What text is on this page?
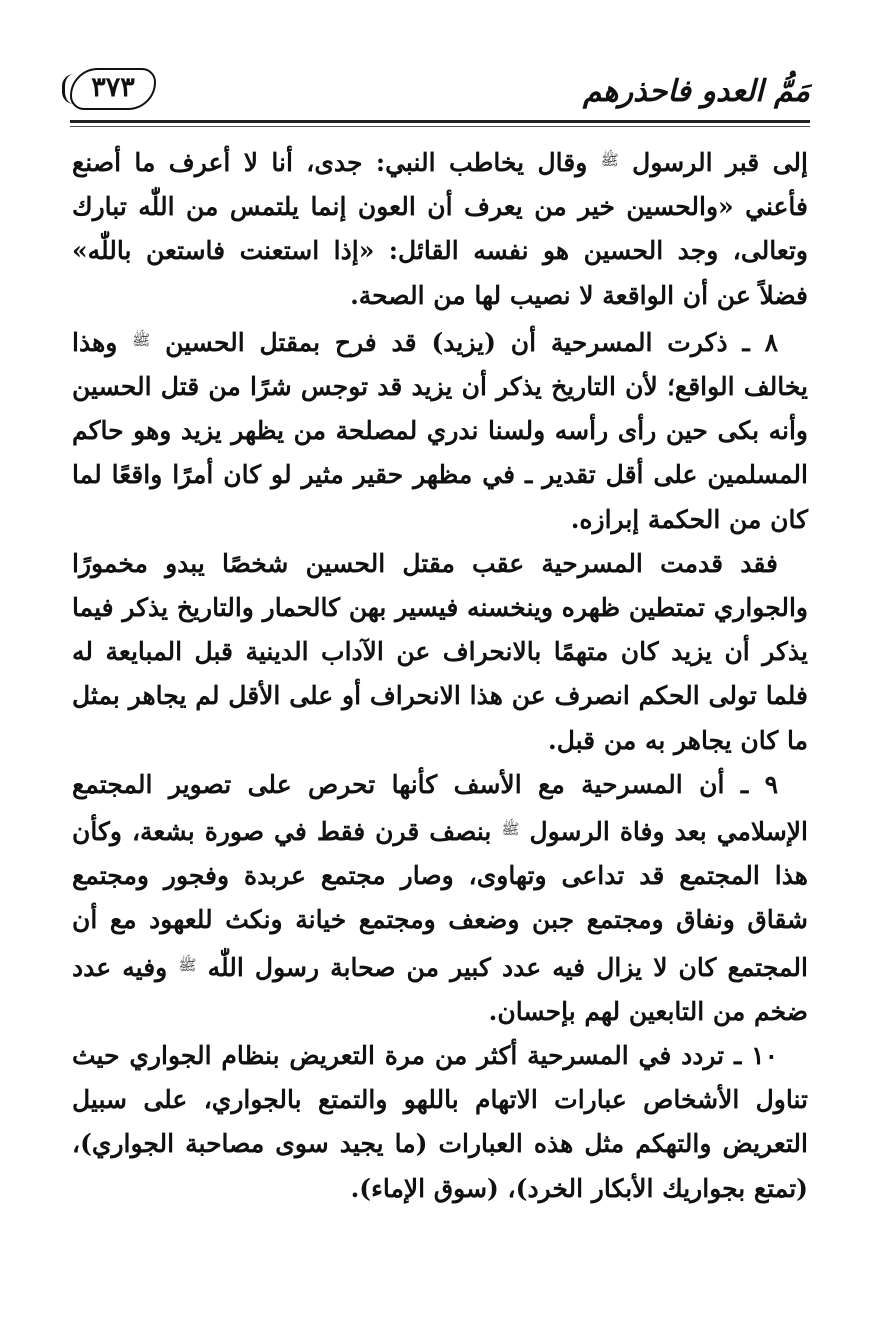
مَمُّ العدو فاحذرهم
٣٧٣

إلى قبر الرسول $^ﷺ$ وقال يخاطب النبي: جدى، أنا لا أعرف ما أصنع فأعني «والحسين خير من يعرف أن العون إنما يلتمس من اللّٰه تبارك وتعالى، وجد الحسين هو نفسه القائل: «إذا استعنت فاستعن باللّٰه» فضلاً عن أن الواقعة لا نصيب لها من الصحة.

٨ ـ ذكرت المسرحية أن (يزيد) قد فرح بمقتل الحسين $^ﷺ$ وهذا يخالف الواقع؛ لأن التاريخ يذكر أن يزيد قد توجس شرًا من قتل الحسين وأنه بكى حين رأى رأسه ولسنا ندري لمصلحة من يظهر يزيد وهو حاكم المسلمين على أقل تقدير ـ في مظهر حقير مثير لو كان أمرًا واقعًا لما كان من الحكمة إبرازه.

فقد قدمت المسرحية عقب مقتل الحسين شخصًا يبدو مخمورًا والجواري تمتطين ظهره وينخسنه فيسير بهن كالحمار والتاريخ يذكر فيما يذكر أن يزيد كان متهمًا بالانحراف عن الآداب الدينية قبل المبايعة له فلما تولى الحكم انصرف عن هذا الانحراف أو على الأقل لم يجاهر بمثل ما كان يجاهر به من قبل.

٩ ـ أن المسرحية مع الأسف كأنها تحرص على تصوير المجتمع الإسلامي بعد وفاة الرسول $^ﷺ$ بنصف قرن فقط في صورة بشعة، وكأن هذا المجتمع قد تداعى وتهاوى، وصار مجتمع عربدة وفجور ومجتمع شقاق ونفاق ومجتمع جبن وضعف ومجتمع خيانة ونكث للعهود مع أن المجتمع كان لا يزال فيه عدد كبير من صحابة رسول اللّٰه $^ﷺ$ وفيه عدد ضخم من التابعين لهم بإحسان.

١٠ ـ تردد في المسرحية أكثر من مرة التعريض بنظام الجواري حيث تناول الأشخاص عبارات الاتهام باللهو والتمتع بالجواري، على سبيل التعريض والتهكم مثل هذه العبارات (ما يجيد سوى مصاحبة الجواري)، (تمتع بجواريك الأبكار الخرد)، (سوق الإماء).
